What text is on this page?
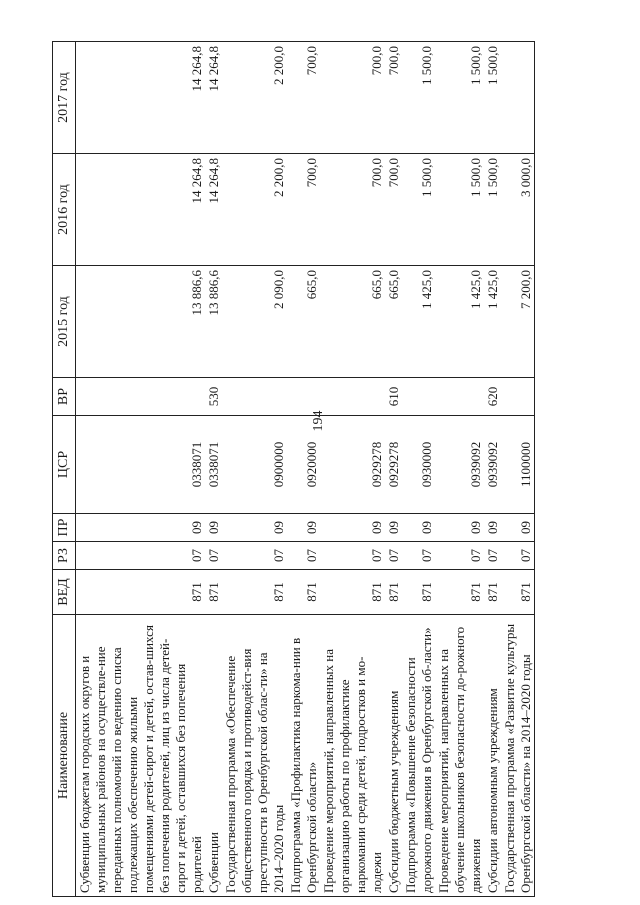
194
Наименование	ВЕД	РЗ	ПР	ЦСР	ВР	2015 год	2016 год	2017 год
Субвенции бюджетам городских округов и муниципальных районов на осуществле-ние переданных полномочий по ведению списка подлежащих обеспечению жилыми помещениями детей-сирот и детей, остав-шихся без попечения родителей, лиц из числа детей-сирот и детей, оставшихся без попечения родителей	871	07	09	0338071		13 886,6	14 264,8	14 264,8
Субвенции	871	07	09	0338071	530	13 886,6	14 264,8	14 264,8
Государственная программа «Обеспечение общественного порядка и противодейст-вия преступности в Оренбургской облас-ти» на 2014–2020 годы	871	07	09	0900000		2 090,0	2 200,0	2 200,0
Подпрограмма «Профилактика наркома-нии в Оренбургской области»	871	07	09	0920000		665,0	700,0	700,0
Проведение мероприятий, направленных на организацию работы по профилактике наркомании среди детей, подростков и мо-лодежи	871	07	09	0929278		665,0	700,0	700,0
Субсидии бюджетным учреждениям	871	07	09	0929278	610	665,0	700,0	700,0
Подпрограмма «Повышение безопасности дорожного движения в Оренбургской об-ласти»	871	07	09	0930000		1 425,0	1 500,0	1 500,0
Проведение мероприятий, направленных на обучение школьников безопасности до-рожного движения	871	07	09	0939092		1 425,0	1 500,0	1 500,0
Субсидии автономным учреждениям	871	07	09	0939092	620	1 425,0	1 500,0	1 500,0
Государственная программа «Развитие культуры Оренбургской области» на 2014–2020 годы	871	07	09	1100000		7 200,0	3 000,0	
